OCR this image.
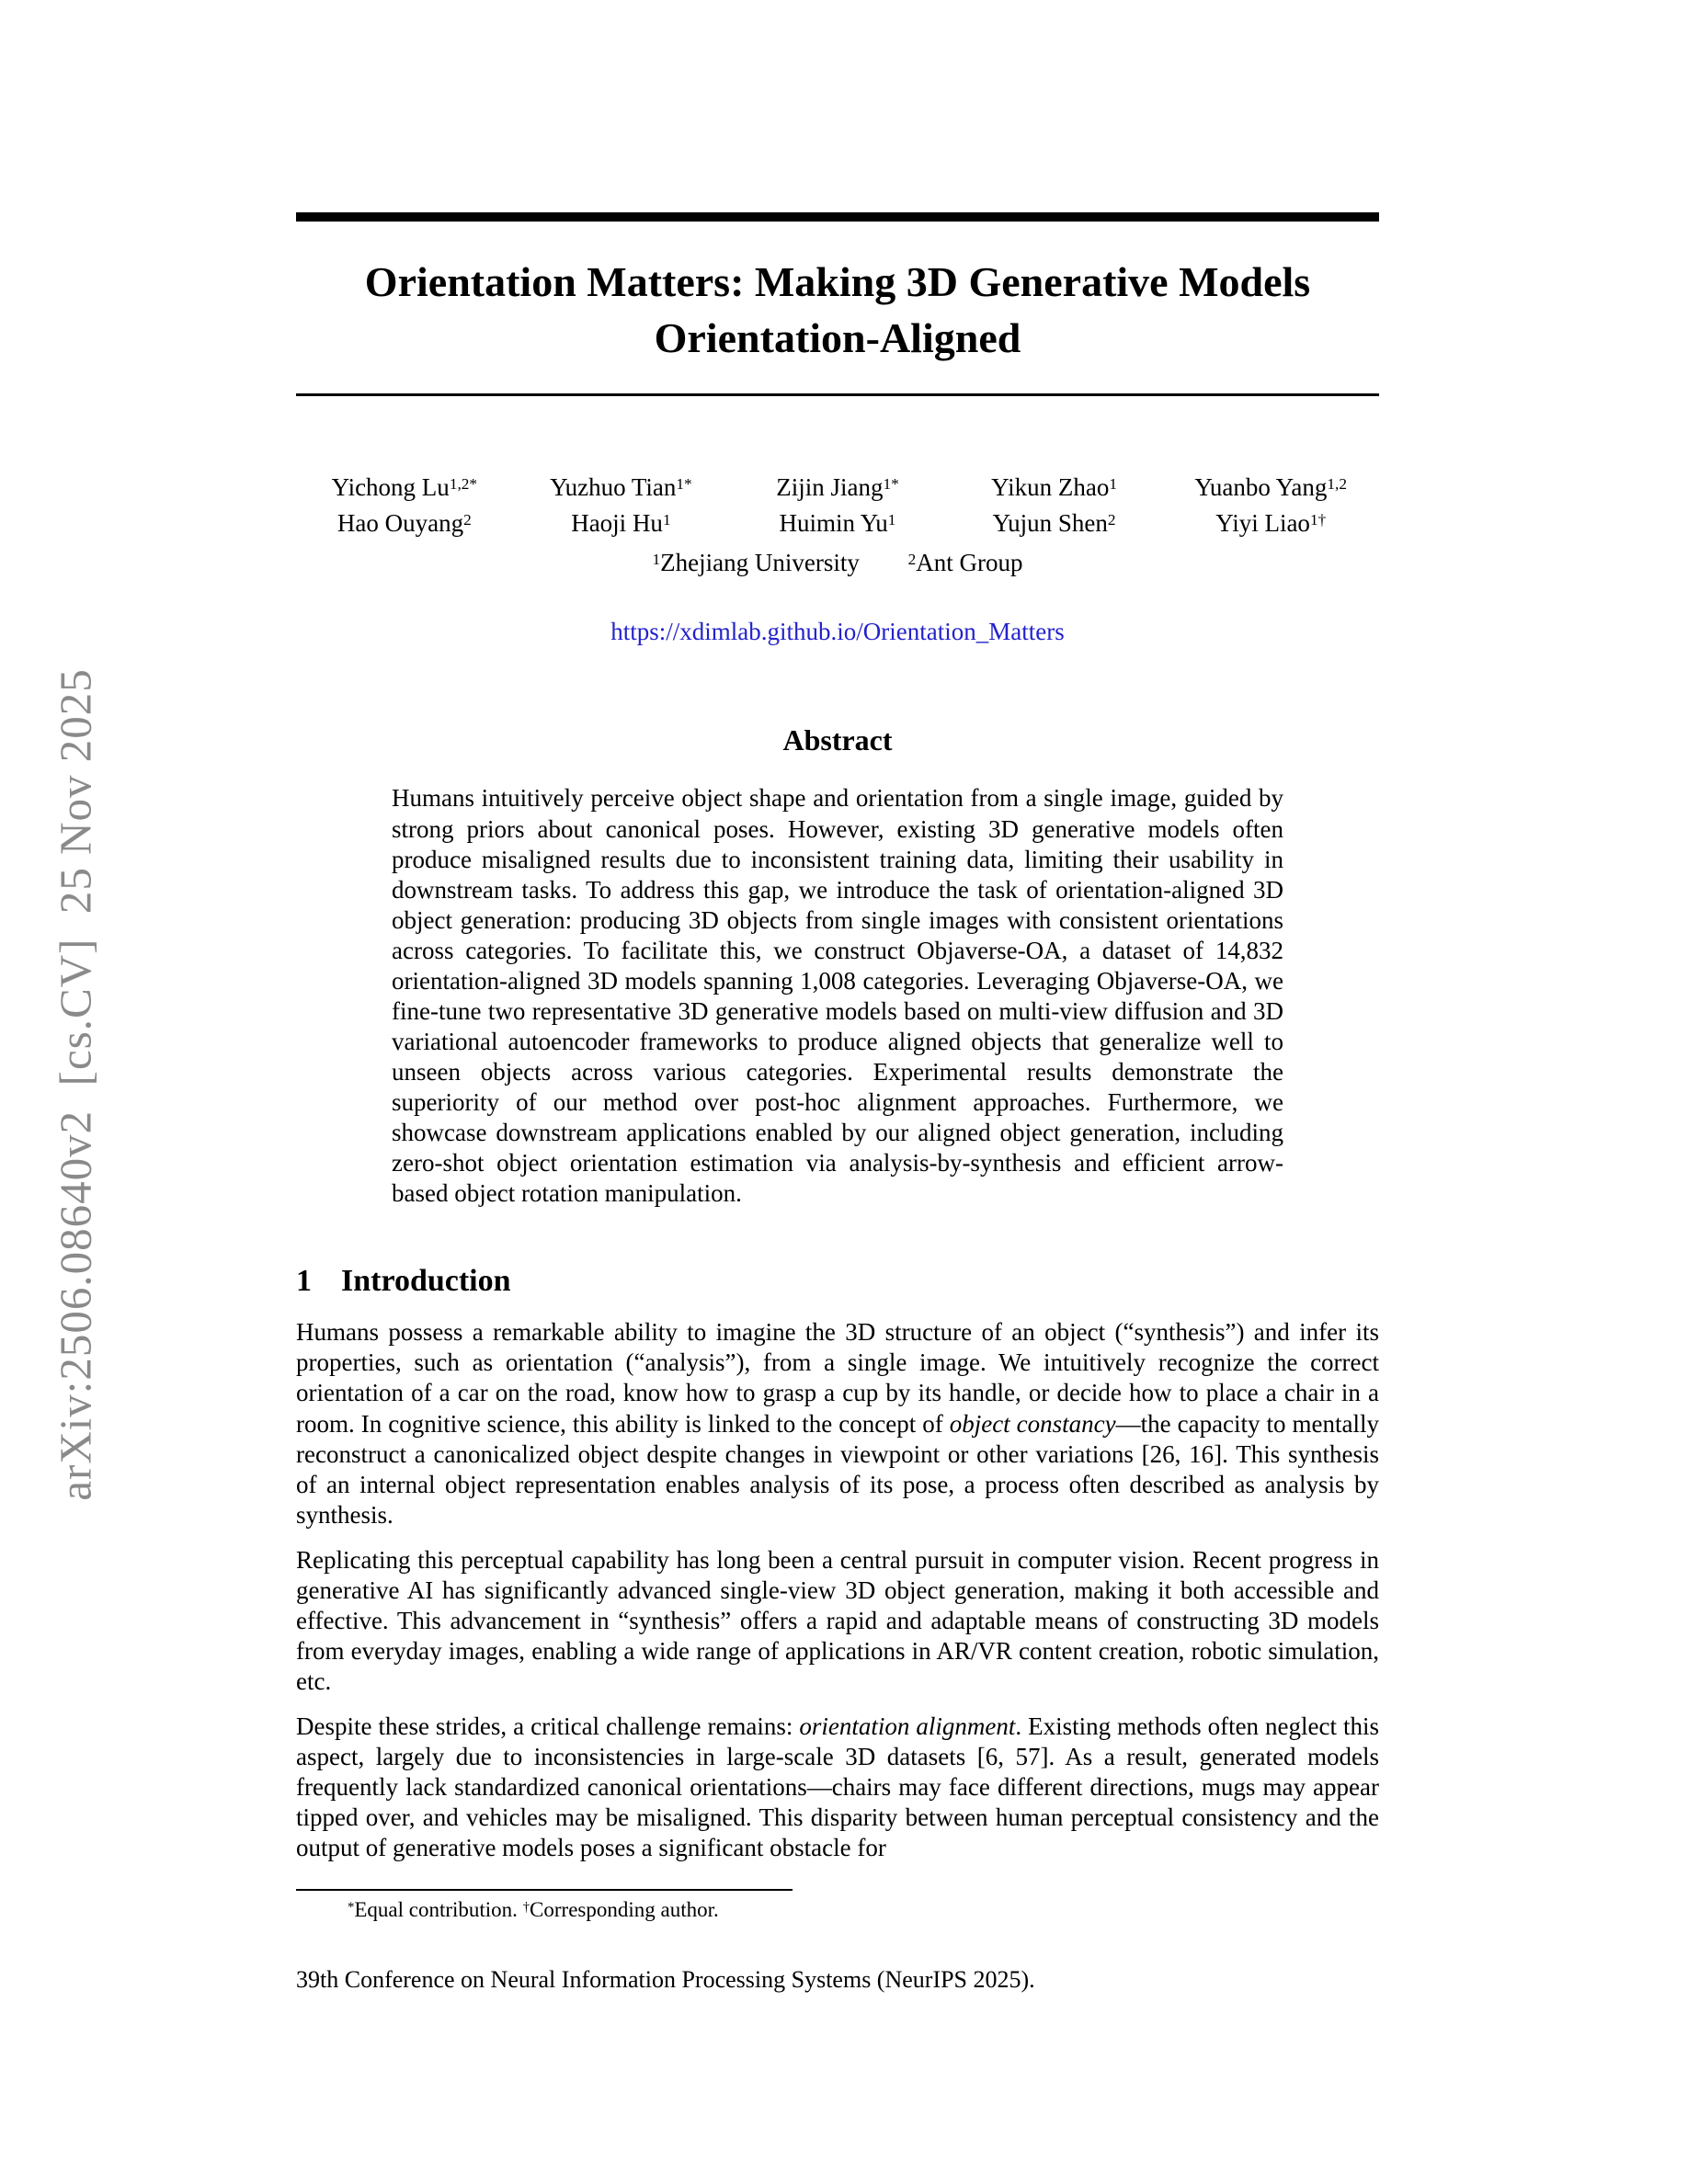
arXiv:2506.08640v2  [cs.CV]  25 Nov 2025
Orientation Matters: Making 3D Generative Models
Orientation-Aligned
Yichong $Lu^{1,2*}$	Yuzhuo Tian$^{1*}$	Zijin Jiang$^{1*}$	Yikun Zhao$^1$	Yuanbo Yang$^{1,2}$
Hao Ouyang$^2$	Haoji Hu$^1$	Huimin Yu$^1$	Yujun Shen$^2$	Yiyi Liao$^{1\dagger}$
$^1$Zhejiang University	$^2$Ant Group
https://xdimlab.github.io/Orientation_Matters
Abstract

Humans intuitively perceive object shape and orientation from a single image, guided by strong priors about canonical poses. However, existing 3D generative models often produce misaligned results due to inconsistent training data, limiting their usability in downstream tasks. To address this gap, we introduce the task of orientation-aligned 3D object generation: producing 3D objects from single images with consistent orientations across categories. To facilitate this, we construct Objaverse-OA, a dataset of 14,832 orientation-aligned 3D models spanning 1,008 categories. Leveraging Objaverse-OA, we fine-tune two representative 3D generative models based on multi-view diffusion and 3D variational autoencoder frameworks to produce aligned objects that generalize well to unseen objects across various categories. Experimental results demonstrate the superiority of our method over post-hoc alignment approaches. Furthermore, we showcase downstream applications enabled by our aligned object generation, including zero-shot object orientation estimation via analysis-by-synthesis and efficient arrow-based object rotation manipulation.

1 Introduction

Humans possess a remarkable ability to imagine the 3D structure of an object (“synthesis”) and infer its properties, such as orientation (“analysis”), from a single image. We intuitively recognize the correct orientation of a car on the road, know how to grasp a cup by its handle, or decide how to place a chair in a room. In cognitive science, this ability is linked to the concept of object constancy—the capacity to mentally reconstruct a canonicalized object despite changes in viewpoint or other variations [26, 16]. This synthesis of an internal object representation enables analysis of its pose, a process often described as analysis by synthesis.

Replicating this perceptual capability has long been a central pursuit in computer vision. Recent progress in generative AI has significantly advanced single-view 3D object generation, making it both accessible and effective. This advancement in “synthesis” offers a rapid and adaptable means of constructing 3D models from everyday images, enabling a wide range of applications in AR/VR content creation, robotic simulation, etc.

Despite these strides, a critical challenge remains: orientation alignment. Existing methods often neglect this aspect, largely due to inconsistencies in large-scale 3D datasets [6, 57]. As a result, generated models frequently lack standardized canonical orientations—chairs may face different directions, mugs may appear tipped over, and vehicles may be misaligned. This disparity between human perceptual consistency and the output of generative models poses a significant obstacle for

*Equal contribution. †Corresponding author.
39th Conference on Neural Information Processing Systems (NeurIPS 2025).
